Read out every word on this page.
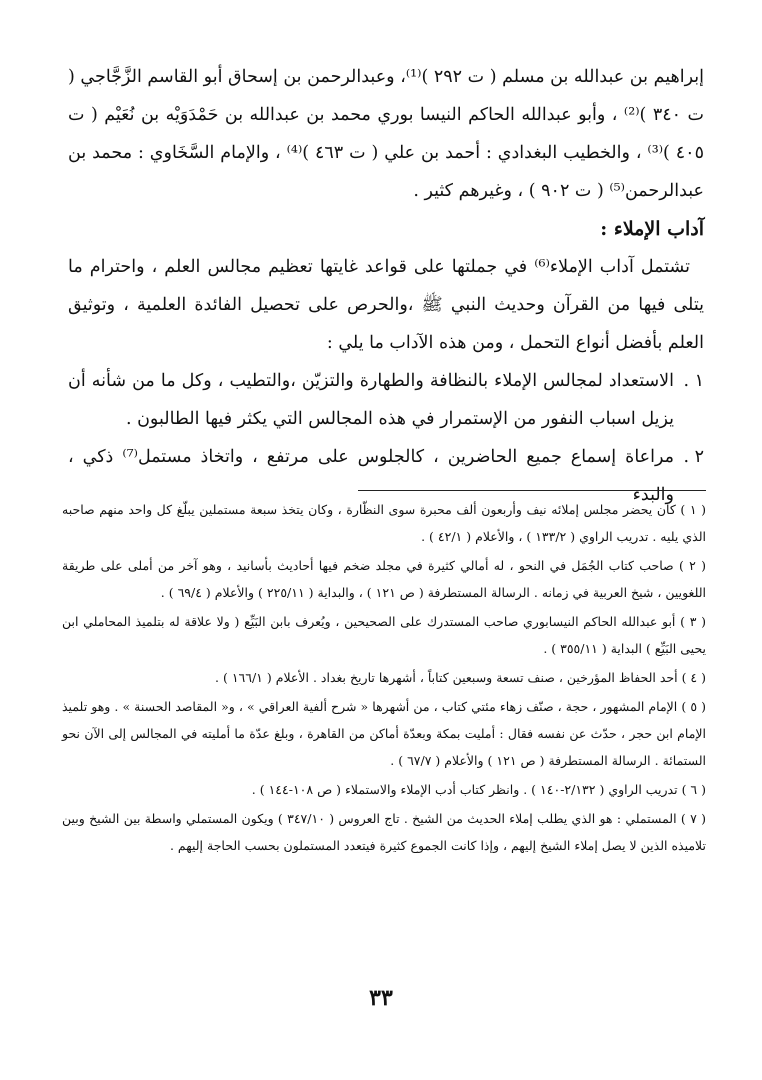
إبراهيم بن عبدالله بن مسلم ( ت ٢٩٢ )⁽¹⁾، وعبدالرحمن بن إسحاق أبو القاسم الزَّجَّاجي ( ت ٣٤٠ )⁽²⁾ ، وأبو عبدالله الحاكم النيسا بوري محمد بن عبدالله بن حَمْدَوَيْه بن نُعَيْم ( ت ٤٠٥ )⁽³⁾ ، والخطيب البغدادي : أحمد بن علي ( ت ٤٦٣ )⁽⁴⁾ ، والإمام السَّخَاوي : محمد بن عبدالرحمن⁽⁵⁾ ( ت ٩٠٢ ) ، وغيرهم كثير .

آداب الإملاء :

تشتمل آداب الإملاء⁽⁶⁾ في جملتها على قواعد غايتها تعظيم مجالس العلم ، واحترام ما يتلى فيها من القرآن وحديث النبي ﷺ ،والحرص على تحصيل الفائدة العلمية ، وتوثيق العلم بأفضل أنواع التحمل ، ومن هذه الآداب ما يلي :

١ .
الاستعداد لمجالس الإملاء بالنظافة والطهارة والتزيّن ،والتطيب ، وكل ما من شأنه أن يزيل اسباب النفور من الإستمرار في هذه المجالس التي يكثر فيها الطالبون .
٢ .
مراعاة إسماع جميع الحاضرين ، كالجلوس على مرتفع ، واتخاذ مستمل⁽⁷⁾ ذكي ، والبدء

( ١ ) كان يحضر مجلس إملائه نيف وأربعون ألف محبرة سوى النظّارة ، وكان يتخذ سبعة مستملين يبلّغ كل واحد منهم صاحبه الذي يليه . تدريب الراوي ( ١٣٣/٢ ) ، والأعلام ( ٤٢/١ ) .

( ٢ ) صاحب كتاب الجُمَل في النحو ، له أمالي كثيرة في مجلد ضخم فيها أحاديث بأسانيد ، وهو آخر من أملى على طريقة اللغويين ، شيخ العربية في زمانه . الرسالة المستطرفة ( ص ١٢١ ) ، والبداية ( ٢٢٥/١١ ) والأعلام ( ٦٩/٤ ) .

( ٣ ) أبو عبدالله الحاكم النيسابوري صاحب المستدرك على الصحيحين ، ويُعرف بابن البَيِّع ( ولا علاقة له بتلميذ المحاملي ابن يحيى البَيِّع ) البداية ( ٣٥٥/١١ ) .

( ٤ ) أحد الحفاظ المؤرخين ، صنف تسعة وسبعين كتاباً ، أشهرها تاريخ بغداد . الأعلام ( ١٦٦/١ ) .

( ٥ ) الإمام المشهور ، حجة ، صنّف زهاء مئتي كتاب ، من أشهرها « شرح ألفية العراقي » ، و« المقاصد الحسنة » . وهو تلميذ الإمام ابن حجر ، حدّث عن نفسه فقال : أمليت بمكة وبعدّة أماكن من القاهرة ، وبلغ عدّة ما أمليته في المجالس إلى الآن نحو الستمائة . الرسالة المستطرفة ( ص ١٢١ ) والأعلام ( ٦٧/٧ ) .

( ٦ ) تدريب الراوي ( ٢/١٣٢-١٤٠ ) . وانظر كتاب أدب الإملاء والاستملاء ( ص ١٠٨-١٤٤ ) .

( ٧ ) المستملي : هو الذي يطلب إملاء الحديث من الشيخ . تاج العروس ( ٣٤٧/١٠ ) ويكون المستملي واسطة بين الشيخ وبين تلاميذه الذين لا يصل إملاء الشيخ إليهم ، وإذا كانت الجموع كثيرة فيتعدد المستملون بحسب الحاجة إليهم .

٣٣
